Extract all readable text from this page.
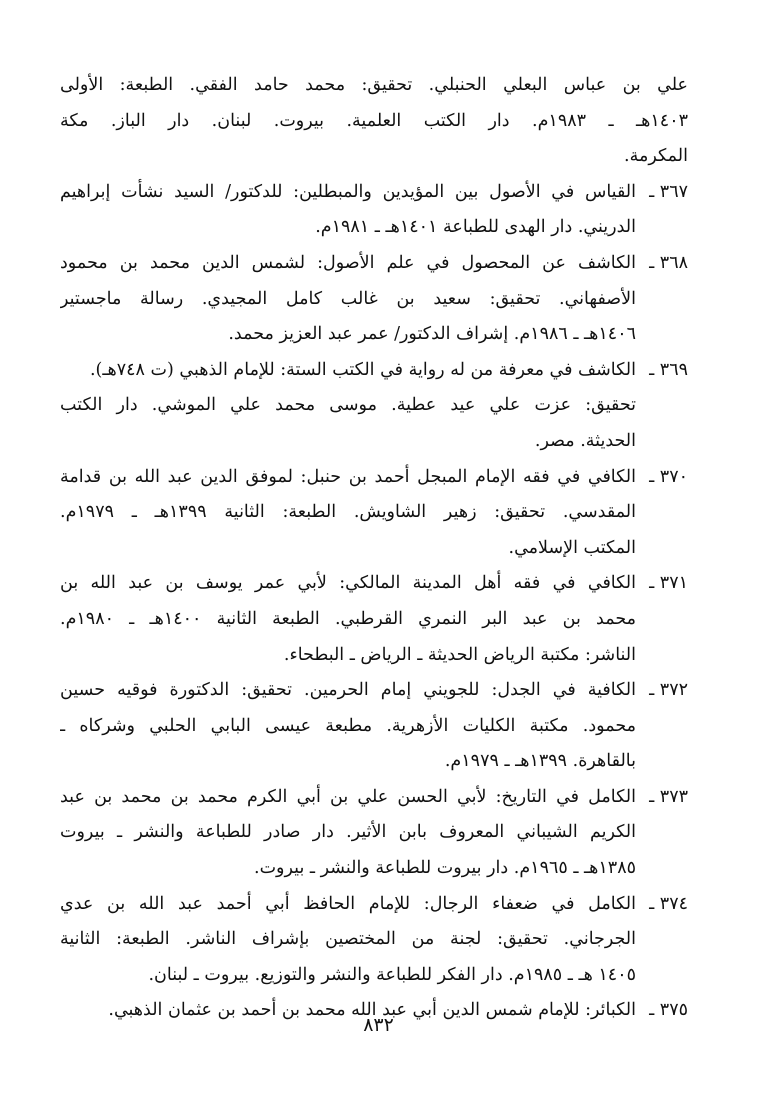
علي بن عباس البعلي الحنبلي. تحقيق: محمد حامد الفقي. الطبعة: الأولى
١٤٠٣هـ ـ ١٩٨٣م. دار الكتب العلمية. بيروت. لبنان. دار الباز. مكة
المكرمة.
٣٦٧ ـ
القياس في الأصول بين المؤيدين والمبطلين: للدكتور/ السيد نشأت إبراهيم
الدريني. دار الهدى للطباعة ١٤٠١هـ ـ ١٩٨١م.
٣٦٨ ـ
الكاشف عن المحصول في علم الأصول: لشمس الدين محمد بن محمود
الأصفهاني. تحقيق: سعيد بن غالب كامل المجيدي. رسالة ماجستير
١٤٠٦هـ ـ ١٩٨٦م. إشراف الدكتور/ عمر عبد العزيز محمد.
٣٦٩ ـ
الكاشف في معرفة من له رواية في الكتب الستة: للإمام الذهبي (ت ٧٤٨هـ).
تحقيق: عزت علي عيد عطية. موسى محمد علي الموشي. دار الكتب
الحديثة. مصر.
٣٧٠ ـ
الكافي في فقه الإمام المبجل أحمد بن حنبل: لموفق الدين عبد الله بن قدامة
المقدسي. تحقيق: زهير الشاويش. الطبعة: الثانية ١٣٩٩هـ ـ ١٩٧٩م.
المكتب الإسلامي.
٣٧١ ـ
الكافي في فقه أهل المدينة المالكي: لأبي عمر يوسف بن عبد الله بن
محمد بن عبد البر النمري القرطبي. الطبعة الثانية ١٤٠٠هـ ـ ١٩٨٠م.
الناشر: مكتبة الرياض الحديثة ـ الرياض ـ البطحاء.
٣٧٢ ـ
الكافية في الجدل: للجويني إمام الحرمين. تحقيق: الدكتورة فوقيه حسين
محمود. مكتبة الكليات الأزهرية. مطبعة عيسى البابي الحلبي وشركاه ـ
بالقاهرة. ١٣٩٩هـ ـ ١٩٧٩م.
٣٧٣ ـ
الكامل في التاريخ: لأبي الحسن علي بن أبي الكرم محمد بن محمد بن عبد
الكريم الشيباني المعروف بابن الأثير. دار صادر للطباعة والنشر ـ بيروت
١٣٨٥هـ ـ ١٩٦٥م. دار بيروت للطباعة والنشر ـ بيروت.
٣٧٤ ـ
الكامل في ضعفاء الرجال: للإمام الحافظ أبي أحمد عبد الله بن عدي
الجرجاني. تحقيق: لجنة من المختصين بإشراف الناشر. الطبعة: الثانية
١٤٠٥ هـ ـ ١٩٨٥م. دار الفكر للطباعة والنشر والتوزيع. بيروت ـ لبنان.
٣٧٥ ـ
الكبائر: للإمام شمس الدين أبي عبد الله محمد بن أحمد بن عثمان الذهبي.
٨٣٢
